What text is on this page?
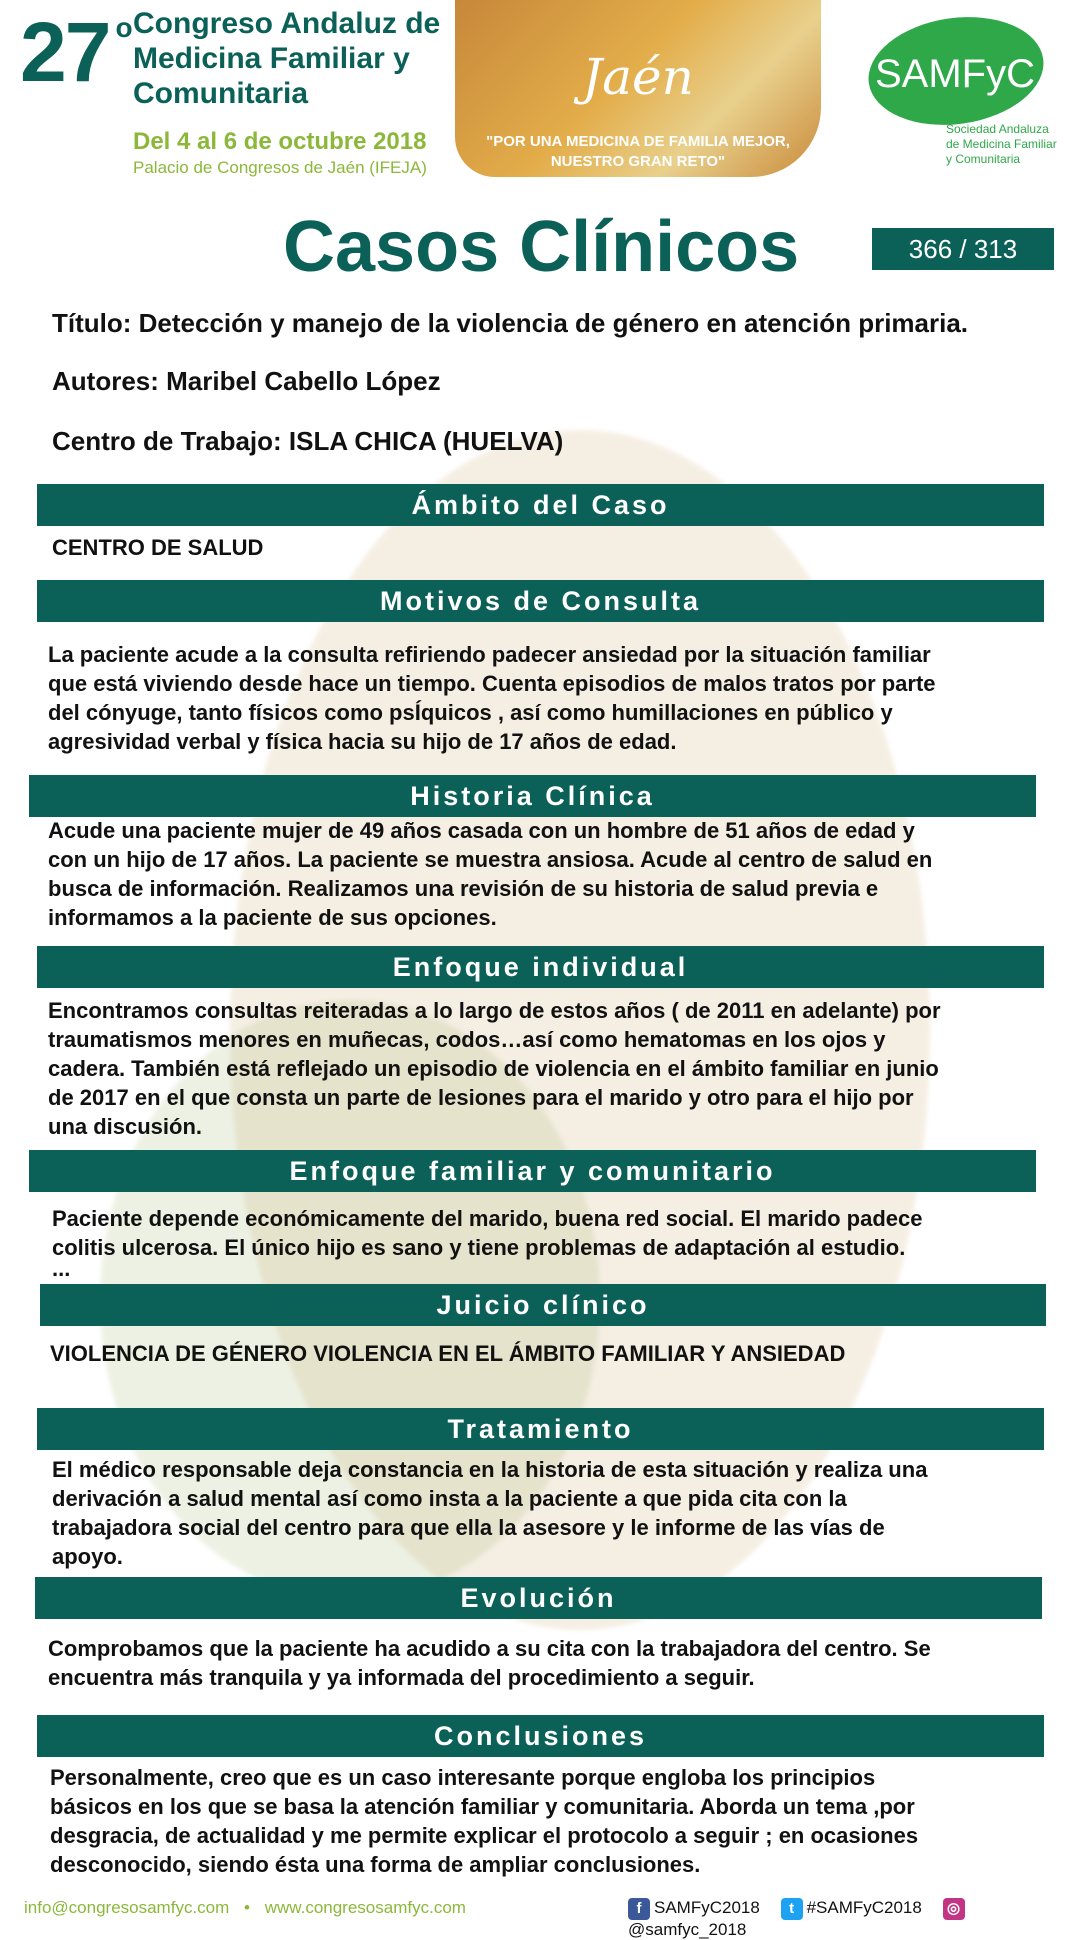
27 $^o$ Congreso Andaluz de
Medicina Familiar y
Comunitaria
Del 4 al 6 de octubre 2018
Palacio de Congresos de Jaén (IFEJA)
Jaén
"POR UNA MEDICINA DE FAMILIA MEJOR,
NUESTRO GRAN RETO"
SAMFyC
Sociedad Andaluza
de Medicina Familiar
y Comunitaria
Casos Clínicos	366 / 313
Título: Detección y manejo de la violencia de género en atención primaria.
Autores: Maribel Cabello López
Centro de Trabajo: ISLA CHICA (HUELVA)
Ámbito del Caso
CENTRO DE SALUD
Motivos de Consulta
La paciente acude a la consulta refiriendo padecer ansiedad por la situación familiar
que está viviendo desde hace un tiempo. Cuenta episodios de malos tratos por parte
del cónyuge, tanto físicos como psÍquicos , así como humillaciones en público y
agresividad verbal y física hacia su hijo de 17 años de edad.
Historia Clínica
Acude una paciente mujer de 49 años casada con un hombre de 51 años de edad y
con un hijo de 17 años. La paciente se muestra ansiosa. Acude al centro de salud en
busca de información. Realizamos una revisión de su historia de salud previa e
informamos a la paciente de sus opciones.
Enfoque individual
Encontramos consultas reiteradas a lo largo de estos años ( de 2011 en adelante) por
traumatismos menores en muñecas, codos…así como hematomas en los ojos y
cadera. También está reflejado un episodio de violencia en el ámbito familiar en junio
de 2017 en el que consta un parte de lesiones para el marido y otro para el hijo por
una discusión.
Enfoque familiar y comunitario
Paciente depende económicamente del marido, buena red social. El marido padece
colitis ulcerosa. El único hijo es sano y tiene problemas de adaptación al estudio.
...
Juicio clínico
VIOLENCIA DE GÉNERO VIOLENCIA EN EL ÁMBITO FAMILIAR Y ANSIEDAD
Tratamiento
El médico responsable deja constancia en la historia de esta situación y realiza una
derivación a salud mental así como insta a la paciente a que pida cita con la
trabajadora social del centro para que ella la asesore y le informe de las vías de
apoyo.
Evolución
Comprobamos que la paciente ha acudido a su cita con la trabajadora del centro. Se
encuentra más tranquila y ya informada del procedimiento a seguir.
Conclusiones
Personalmente, creo que es un caso interesante porque engloba los principios
básicos en los que se basa la atención familiar y comunitaria. Aborda un tema ,por
desgracia, de actualidad y me permite explicar el protocolo a seguir ; en ocasiones
desconocido, siendo ésta una forma de ampliar conclusiones.
info@congresosamfyc.com • www.congresosamfyc.com	f SAMFyC2018 t #SAMFyC2018 ◎@samfyc_2018
